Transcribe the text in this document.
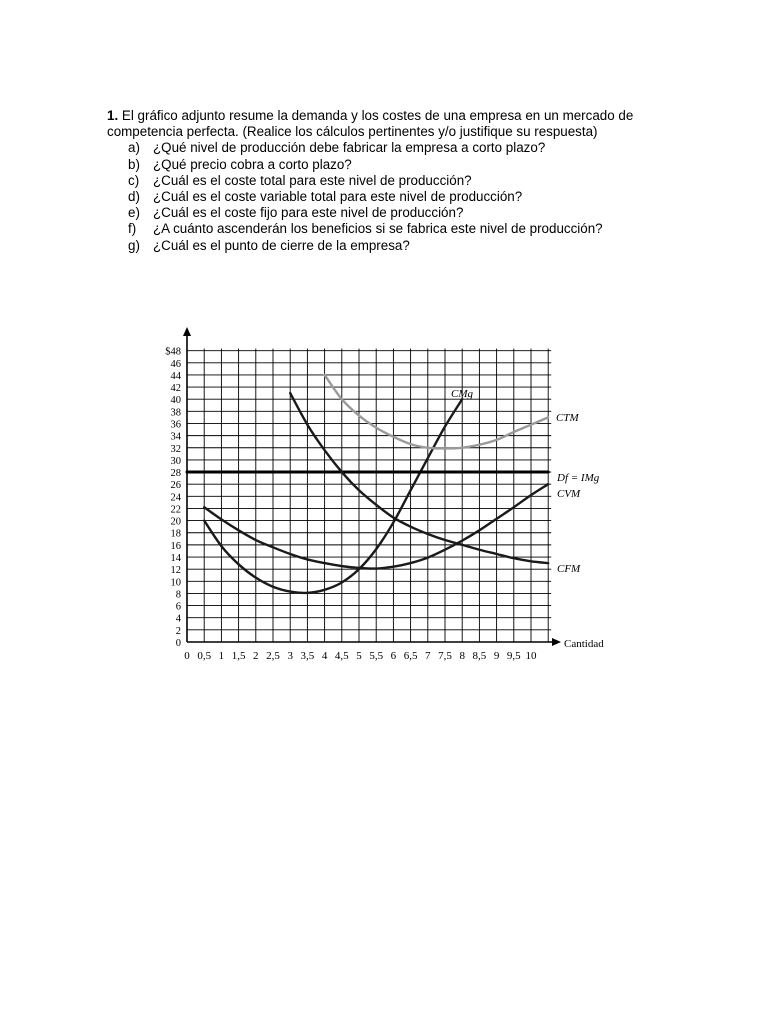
1. El gráfico adjunto resume la demanda y los costes de una empresa en un mercado de competencia perfecta. (Realice los cálculos pertinentes y/o justifique su respuesta)

a) ¿Qué nivel de producción debe fabricar la empresa a corto plazo?
b) ¿Qué precio cobra a corto plazo?
c) ¿Cuál es el coste total para este nivel de producción?
d) ¿Cuál es el coste variable total para este nivel de producción?
e) ¿Cuál es el coste fijo para este nivel de producción?
f) ¿A cuánto ascenderán los beneficios si se fabrica este nivel de producción?
g) ¿Cuál es el punto de cierre de la empresa?
0 0,5 1 1,5 2 2,5 3 3,5 4 4,5 5 5,5 6 6,5 7 7,5 8 8,5 9 9,5 10
0
2
4
6
8
10
12
14
16
18
20
22
24
26
28
30
32
34
36
38
40
42
44
46
$48
Cantidad
CMg
CTM
Df = IMg
CVM
CFM
